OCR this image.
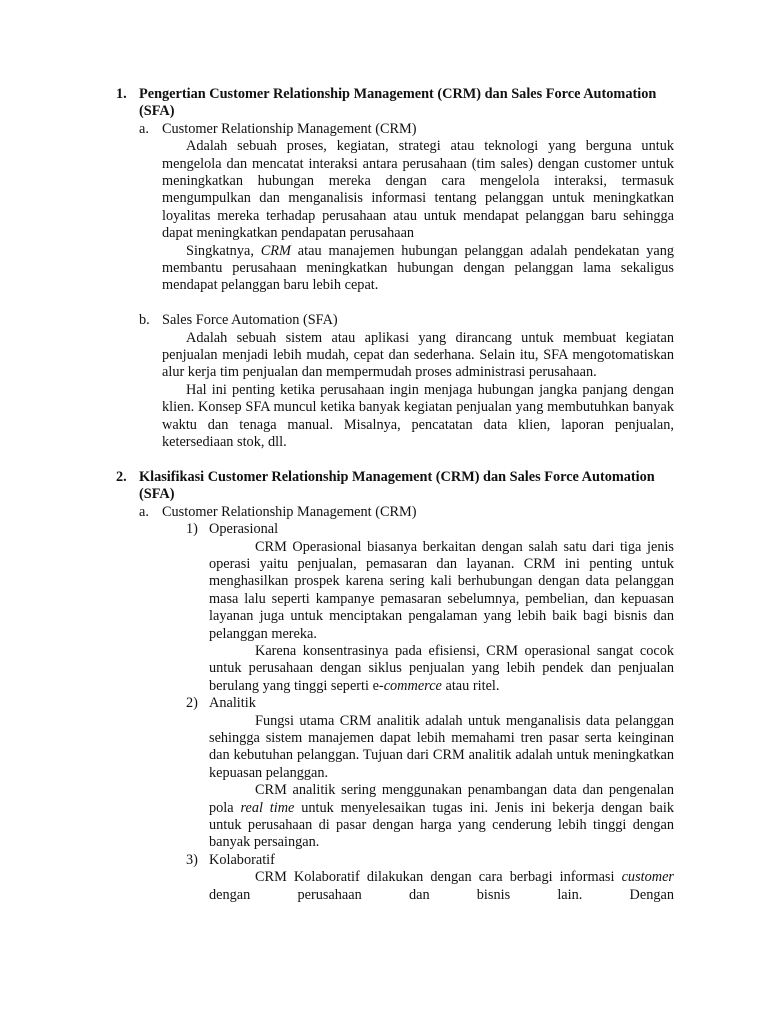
1. Pengertian Customer Relationship Management (CRM) dan Sales Force Automation (SFA)
a. Customer Relationship Management (CRM)
Adalah sebuah proses, kegiatan, strategi atau teknologi yang berguna untuk mengelola dan mencatat interaksi antara perusahaan (tim sales) dengan customer untuk meningkatkan hubungan mereka dengan cara mengelola interaksi, termasuk mengumpulkan dan menganalisis informasi tentang pelanggan untuk meningkatkan loyalitas mereka terhadap perusahaan atau untuk mendapat pelanggan baru sehingga dapat meningkatkan pendapatan perusahaan
Singkatnya, CRM atau manajemen hubungan pelanggan adalah pendekatan yang membantu perusahaan meningkatkan hubungan dengan pelanggan lama sekaligus mendapat pelanggan baru lebih cepat.
b. Sales Force Automation (SFA)
Adalah sebuah sistem atau aplikasi yang dirancang untuk membuat kegiatan penjualan menjadi lebih mudah, cepat dan sederhana. Selain itu, SFA mengotomatiskan alur kerja tim penjualan dan mempermudah proses administrasi perusahaan.
Hal ini penting ketika perusahaan ingin menjaga hubungan jangka panjang dengan klien. Konsep SFA muncul ketika banyak kegiatan penjualan yang membutuhkan banyak waktu dan tenaga manual. Misalnya, pencatatan data klien, laporan penjualan, ketersediaan stok, dll.
2. Klasifikasi Customer Relationship Management (CRM) dan Sales Force Automation (SFA)
a. Customer Relationship Management (CRM)
1) Operasional
CRM Operasional biasanya berkaitan dengan salah satu dari tiga jenis operasi yaitu penjualan, pemasaran dan layanan. CRM ini penting untuk menghasilkan prospek karena sering kali berhubungan dengan data pelanggan masa lalu seperti kampanye pemasaran sebelumnya, pembelian, dan kepuasan layanan juga untuk menciptakan pengalaman yang lebih baik bagi bisnis dan pelanggan mereka.
Karena konsentrasinya pada efisiensi, CRM operasional sangat cocok untuk perusahaan dengan siklus penjualan yang lebih pendek dan penjualan berulang yang tinggi seperti e-commerce atau ritel.
2) Analitik
Fungsi utama CRM analitik adalah untuk menganalisis data pelanggan sehingga sistem manajemen dapat lebih memahami tren pasar serta keinginan dan kebutuhan pelanggan. Tujuan dari CRM analitik adalah untuk meningkatkan kepuasan pelanggan.
CRM analitik sering menggunakan penambangan data dan pengenalan pola real time untuk menyelesaikan tugas ini. Jenis ini bekerja dengan baik untuk perusahaan di pasar dengan harga yang cenderung lebih tinggi dengan banyak persaingan.
3) Kolaboratif
CRM Kolaboratif dilakukan dengan cara berbagi informasi customer dengan perusahaan dan bisnis lain. Dengan
